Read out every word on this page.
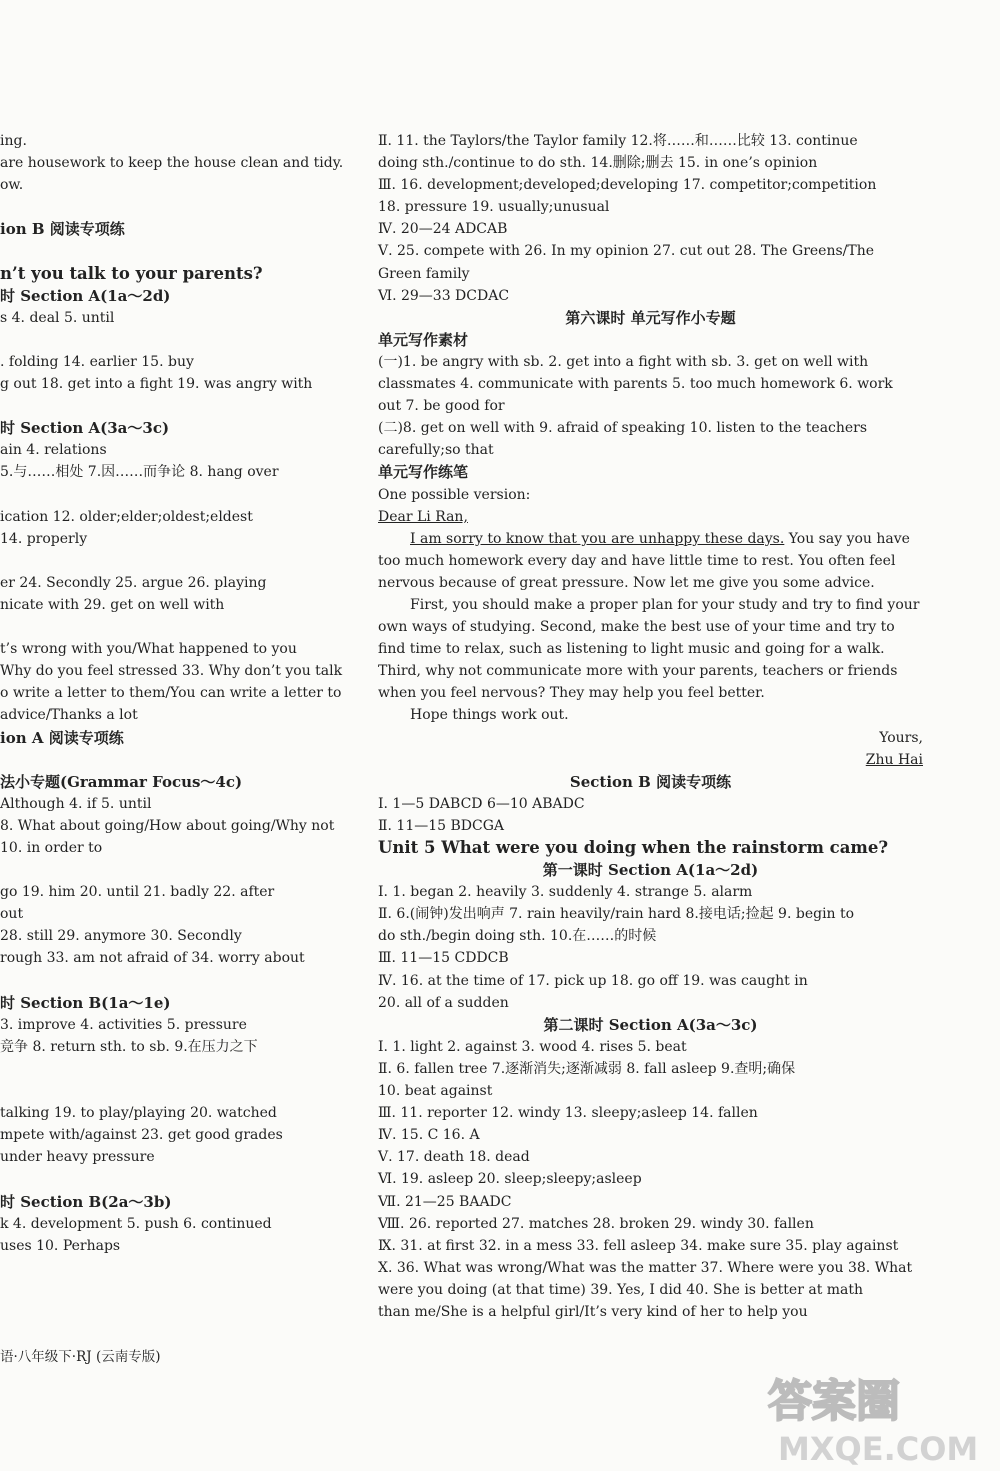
ing.
are housework to keep the house clean and tidy.
ow.

ion B 阅读专项练

n’t you talk to your parents?
时 Section A(1a～2d)
s 4. deal 5. until

. folding 14. earlier 15. buy
g out 18. get into a fight 19. was angry with

时 Section A(3a～3c)
ain 4. relations
5.与……相处 7.因……而争论 8. hang over

ication 12. older;elder;oldest;eldest
14. properly

er 24. Secondly 25. argue 26. playing
nicate with 29. get on well with

t’s wrong with you/What happened to you
Why do you feel stressed 33. Why don’t you talk
o write a letter to them/You can write a letter to
advice/Thanks a lot
ion A 阅读专项练

法小专题(Grammar Focus～4c)
Although 4. if 5. until
8. What about going/How about going/Why not
10. in order to

go 19. him 20. until 21. badly 22. after
out
28. still 29. anymore 30. Secondly
rough 33. am not afraid of 34. worry about

时 Section B(1a～1e)
3. improve 4. activities 5. pressure
竞争 8. return sth. to sb. 9.在压力之下

talking 19. to play/playing 20. watched
mpete with/against 23. get good grades
under heavy pressure

时 Section B(2a～3b)
k 4. development 5. push 6. continued
uses 10. Perhaps
Ⅱ. 11. the Taylors/the Taylor family 12.将……和……比较 13. continue
doing sth./continue to do sth. 14.删除;删去 15. in one’s opinion
Ⅲ. 16. development;developed;developing 17. competitor;competition
18. pressure 19. usually;unusual
Ⅳ. 20—24 ADCAB
Ⅴ. 25. compete with 26. In my opinion 27. cut out 28. The Greens/The
Green family
Ⅵ. 29—33 DCDAC
第六课时 单元写作小专题
单元写作素材
(一)1. be angry with sb. 2. get into a fight with sb. 3. get on well with
classmates 4. communicate with parents 5. too much homework 6. work
out 7. be good for
(二)8. get on well with 9. afraid of speaking 10. listen to the teachers
carefully;so that
单元写作练笔
One possible version:
Dear Li Ran,
I am sorry to know that you are unhappy these days. You say you have too much homework every day and have little time to rest. You often feel nervous because of great pressure. Now let me give you some advice.
First, you should make a proper plan for your study and try to find your own ways of studying. Second, make the best use of your time and try to find time to relax, such as listening to light music and going for a walk. Third, why not communicate more with your parents, teachers or friends when you feel nervous? They may help you feel better.
Hope things work out.
Yours,
Zhu Hai
Section B 阅读专项练
Ⅰ. 1—5 DABCD 6—10 ABADC
Ⅱ. 11—15 BDCGA
Unit 5 What were you doing when the rainstorm came?
第一课时 Section A(1a～2d)
Ⅰ. 1. began 2. heavily 3. suddenly 4. strange 5. alarm
Ⅱ. 6.(闹钟)发出响声 7. rain heavily/rain hard 8.接电话;捡起 9. begin to
do sth./begin doing sth. 10.在……的时候
Ⅲ. 11—15 CDDCB
Ⅳ. 16. at the time of 17. pick up 18. go off 19. was caught in
20. all of a sudden
第二课时 Section A(3a～3c)
Ⅰ. 1. light 2. against 3. wood 4. rises 5. beat
Ⅱ. 6. fallen tree 7.逐渐消失;逐渐减弱 8. fall asleep 9.查明;确保
10. beat against
Ⅲ. 11. reporter 12. windy 13. sleepy;asleep 14. fallen
Ⅳ. 15. C 16. A
Ⅴ. 17. death 18. dead
Ⅵ. 19. asleep 20. sleep;sleepy;asleep
Ⅶ. 21—25 BAADC
Ⅷ. 26. reported 27. matches 28. broken 29. windy 30. fallen
Ⅸ. 31. at first 32. in a mess 33. fell asleep 34. make sure 35. play against
Ⅹ. 36. What was wrong/What was the matter 37. Where were you 38. What
were you doing (at that time) 39. Yes, I did 40. She is better at math
than me/She is a helpful girl/It’s very kind of her to help you
语·八年级下·RJ (云南专版)
答案圈
MXQE.COM
